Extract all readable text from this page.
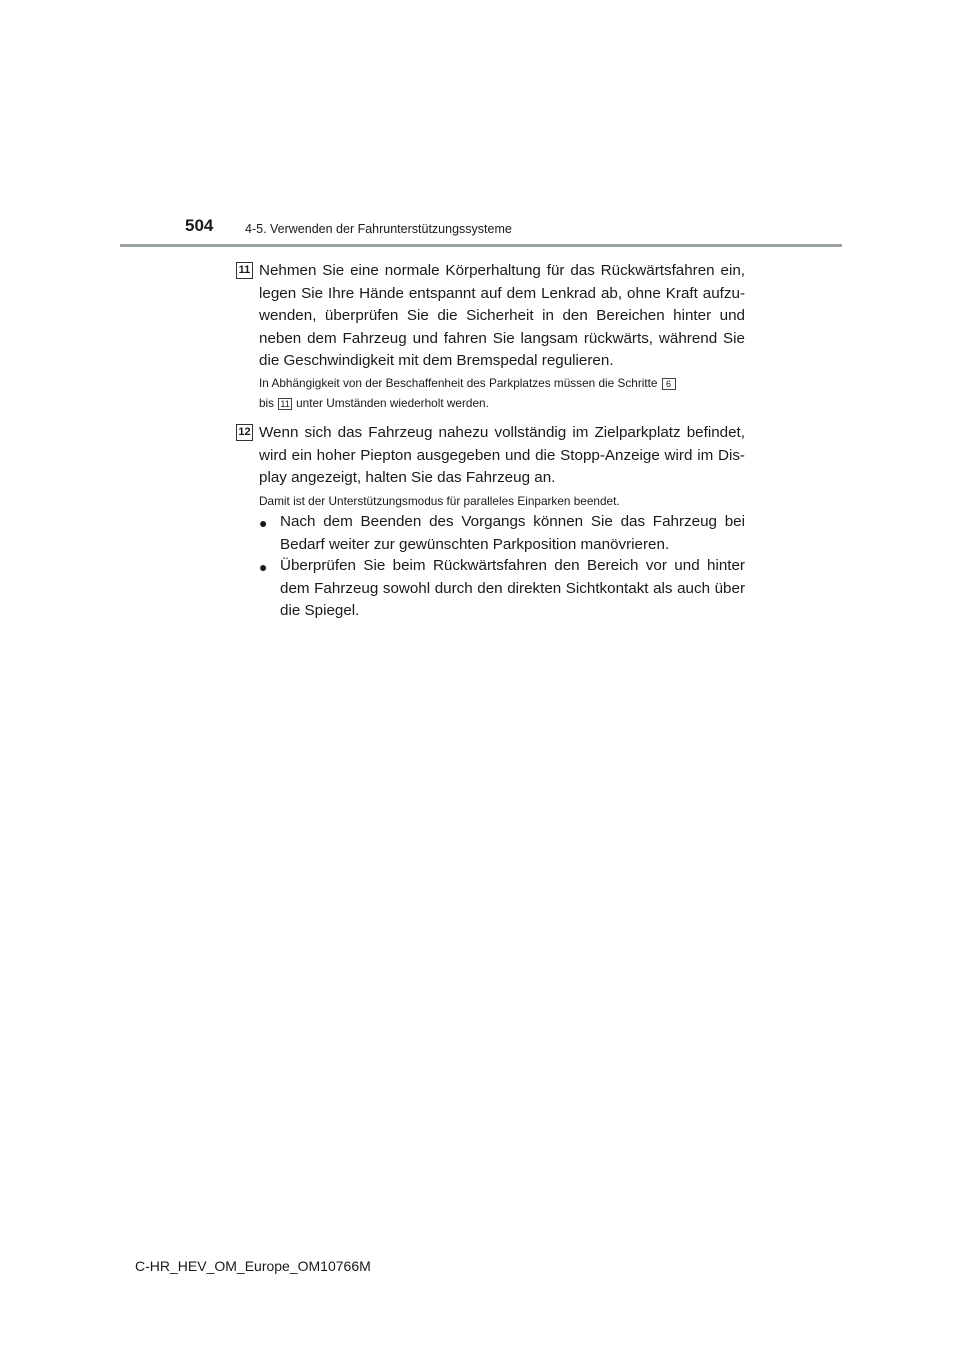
504	4-5. Verwenden der Fahrunterstützungssysteme
11 Nehmen Sie eine normale Körperhaltung für das Rückwärtsfahren ein, legen Sie Ihre Hände entspannt auf dem Lenkrad ab, ohne Kraft aufzu-wenden, überprüfen Sie die Sicherheit in den Bereichen hinter und neben dem Fahrzeug und fahren Sie langsam rückwärts, während Sie die Geschwindigkeit mit dem Bremspedal regulieren.
In Abhängigkeit von der Beschaffenheit des Parkplatzes müssen die Schritte 6
bis 11 unter Umständen wiederholt werden.
12 Wenn sich das Fahrzeug nahezu vollständig im Zielparkplatz befindet, wird ein hoher Piepton ausgegeben und die Stopp-Anzeige wird im Dis-play angezeigt, halten Sie das Fahrzeug an.
Damit ist der Unterstützungsmodus für paralleles Einparken beendet.
● Nach dem Beenden des Vorgangs können Sie das Fahrzeug bei Bedarf weiter zur gewünschten Parkposition manövrieren.
● Überprüfen Sie beim Rückwärtsfahren den Bereich vor und hinter dem Fahrzeug sowohl durch den direkten Sichtkontakt als auch über die Spiegel.
C-HR_HEV_OM_Europe_OM10766M
